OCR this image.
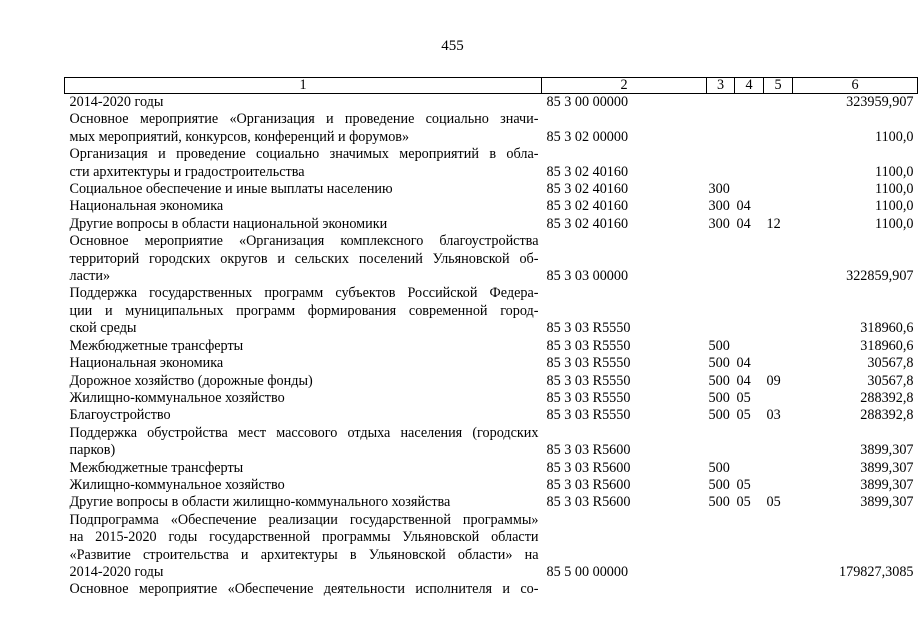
455
1	2	3	4	5	6

2014-2020 годы	85 3 00 00000				323959,907

Основное мероприятие «Организация и проведение социально значи-
мых мероприятий, конкурсов, конференций и форумов»	85 3 02 00000				1100,0

Организация и проведение социально значимых мероприятий в обла-
сти архитектуры и градостроительства	85 3 02 40160				1100,0

Социальное обеспечение и иные выплаты населению	85 3 02 40160	300			1100,0

Национальная экономика	85 3 02 40160	300	04		1100,0

Другие вопросы в области национальной экономики	85 3 02 40160	300	04	12	1100,0

Основное мероприятие «Организация комплексного благоустройства
территорий городских округов и сельских поселений Ульяновской об-
ласти»	85 3 03 00000				322859,907

Поддержка государственных программ субъектов Российской Федера-
ции и муниципальных программ формирования современной город-
ской среды	85 3 03 R5550				318960,6

Межбюджетные трансферты	85 3 03 R5550	500			318960,6

Национальная экономика	85 3 03 R5550	500	04		30567,8

Дорожное хозяйство (дорожные фонды)	85 3 03 R5550	500	04	09	30567,8

Жилищно-коммунальное хозяйство	85 3 03 R5550	500	05		288392,8

Благоустройство	85 3 03 R5550	500	05	03	288392,8

Поддержка обустройства мест массового отдыха населения (городских
парков)	85 3 03 R5600				3899,307

Межбюджетные трансферты	85 3 03 R5600	500			3899,307

Жилищно-коммунальное хозяйство	85 3 03 R5600	500	05		3899,307

Другие вопросы в области жилищно-коммунального хозяйства	85 3 03 R5600	500	05	05	3899,307

Подпрограмма «Обеспечение реализации государственной программы»
на 2015-2020 годы государственной программы Ульяновской области
«Развитие строительства и архитектуры в Ульяновской области» на
2014-2020 годы	85 5 00 00000				179827,3085

Основное мероприятие «Обеспечение деятельности исполнителя и со-					
